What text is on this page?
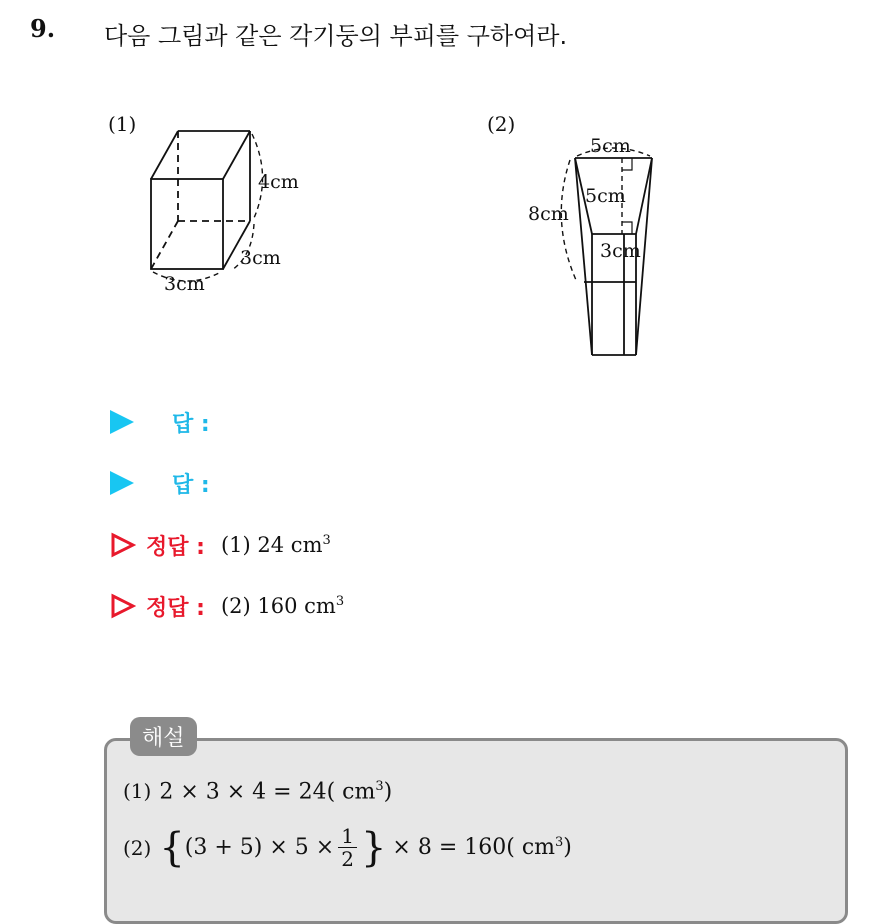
9. 다음 그림과 같은 각기둥의 부피를 구하여라.
(1)
4cm
3cm
3cm
(2)
5cm
8cm
5cm
3cm
답 :
답 :
정답 : (1) 24 $cm^3$
정답 : (2) 160 $cm^3$
(1) 2 × 3 × 4 = 24( $cm^3$)
(2) { $(3 + 5) \times 5 \times \frac{1}{2}$ } × 8 = 160( $cm^3$ )
해설
